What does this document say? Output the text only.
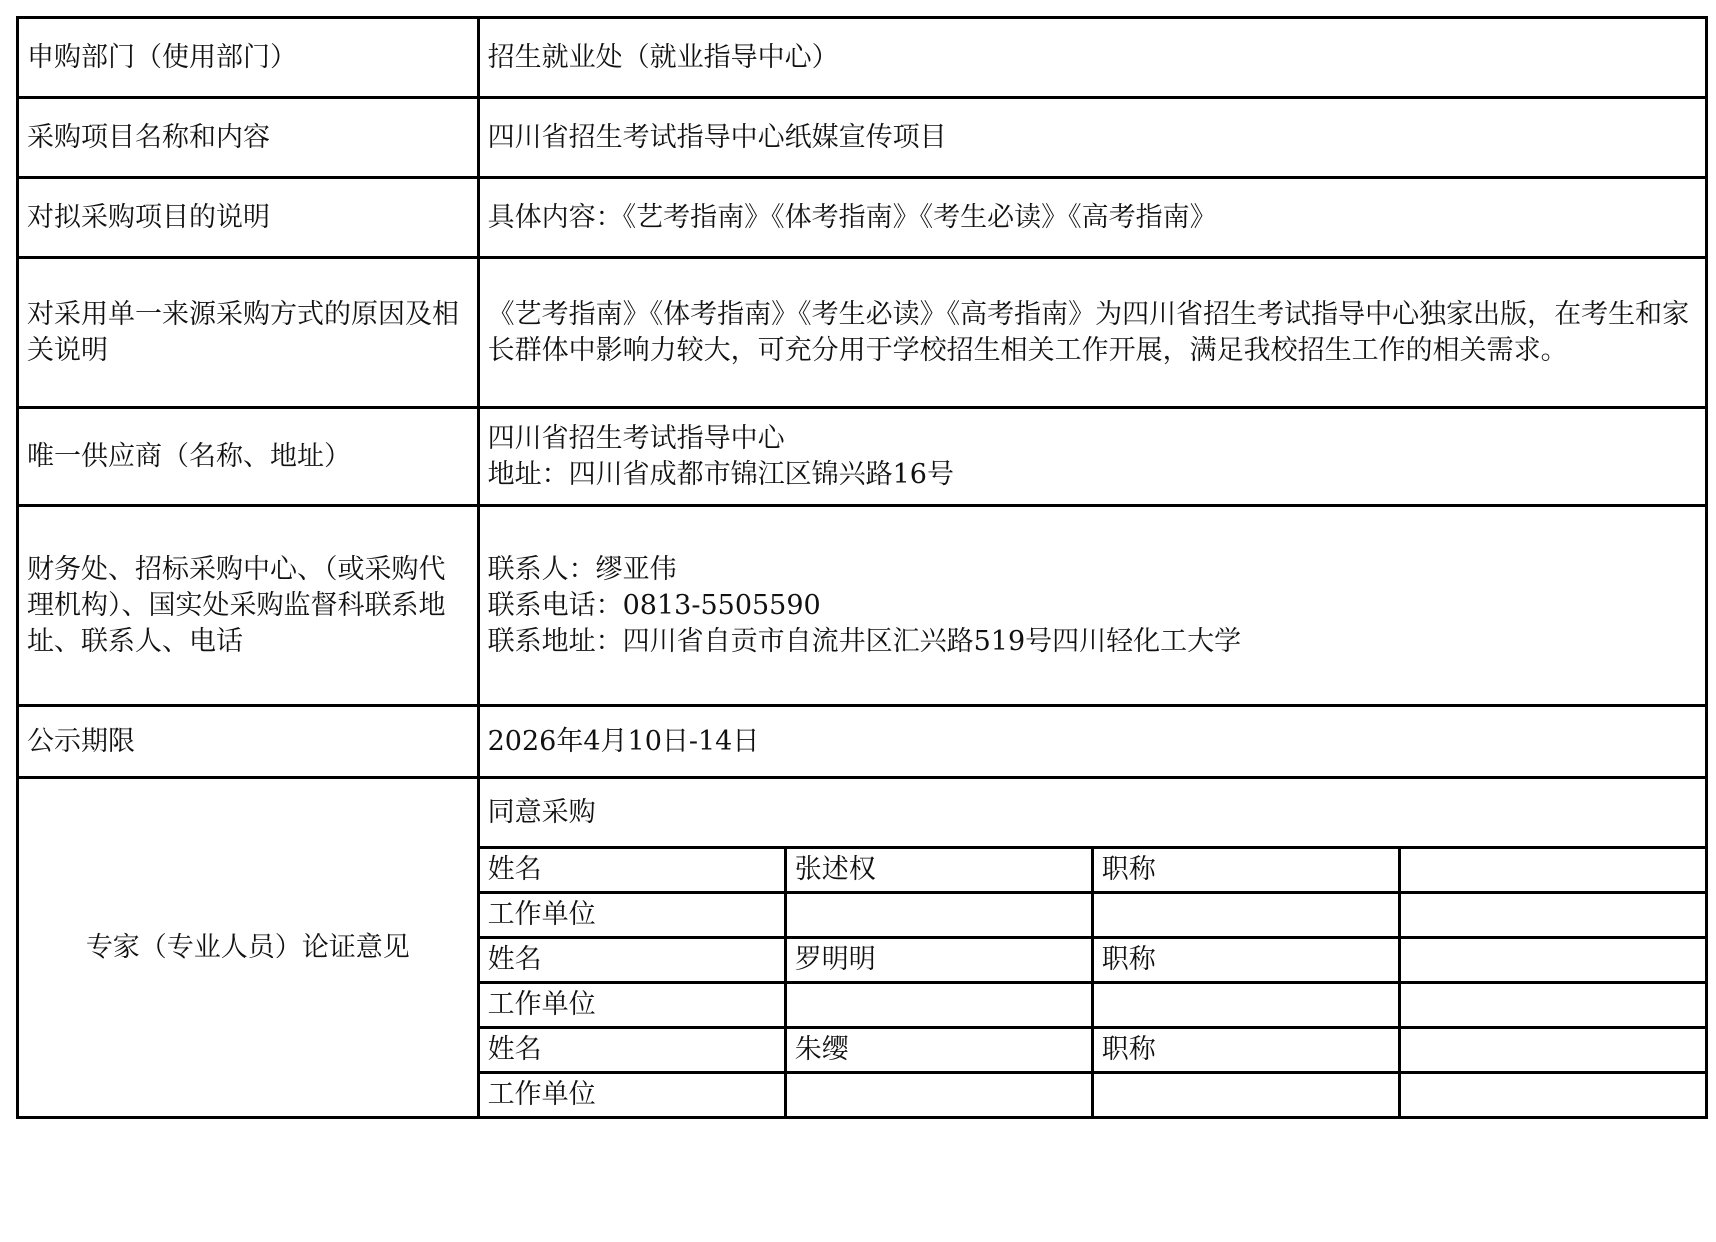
申购部门（使用部门）	招生就业处（就业指导中心）			
采购项目名称和内容	四川省招生考试指导中心纸媒宣传项目			
对拟采购项目的说明	具体内容：《艺考指南》《体考指南》《考生必读》《高考指南》			
对采用单一来源采购方式的原因及相关说明	《艺考指南》《体考指南》《考生必读》《高考指南》为四川省招生考试指导中心独家出版，在考生和家长群体中影响力较大，可充分用于学校招生相关工作开展，满足我校招生工作的相关需求。			
唯一供应商（名称、地址）	四川省招生考试指导中心
地址：四川省成都市锦江区锦兴路16号			

财务处、招标采购中心、（或采购代理机构）、国实处采购监督科联系地址、联系人、电话	联系人：缪亚伟
联系电话：0813-5505590
联系地址：四川省自贡市自流井区汇兴路519号四川轻化工大学			

公示期限	2026年4月10日-14日			
专家（专业人员）论证意见	同意采购			
	姓名	张述权	职称	
	工作单位			
	姓名	罗明明	职称	
	工作单位			
	姓名	朱缨	职称	
	工作单位			
